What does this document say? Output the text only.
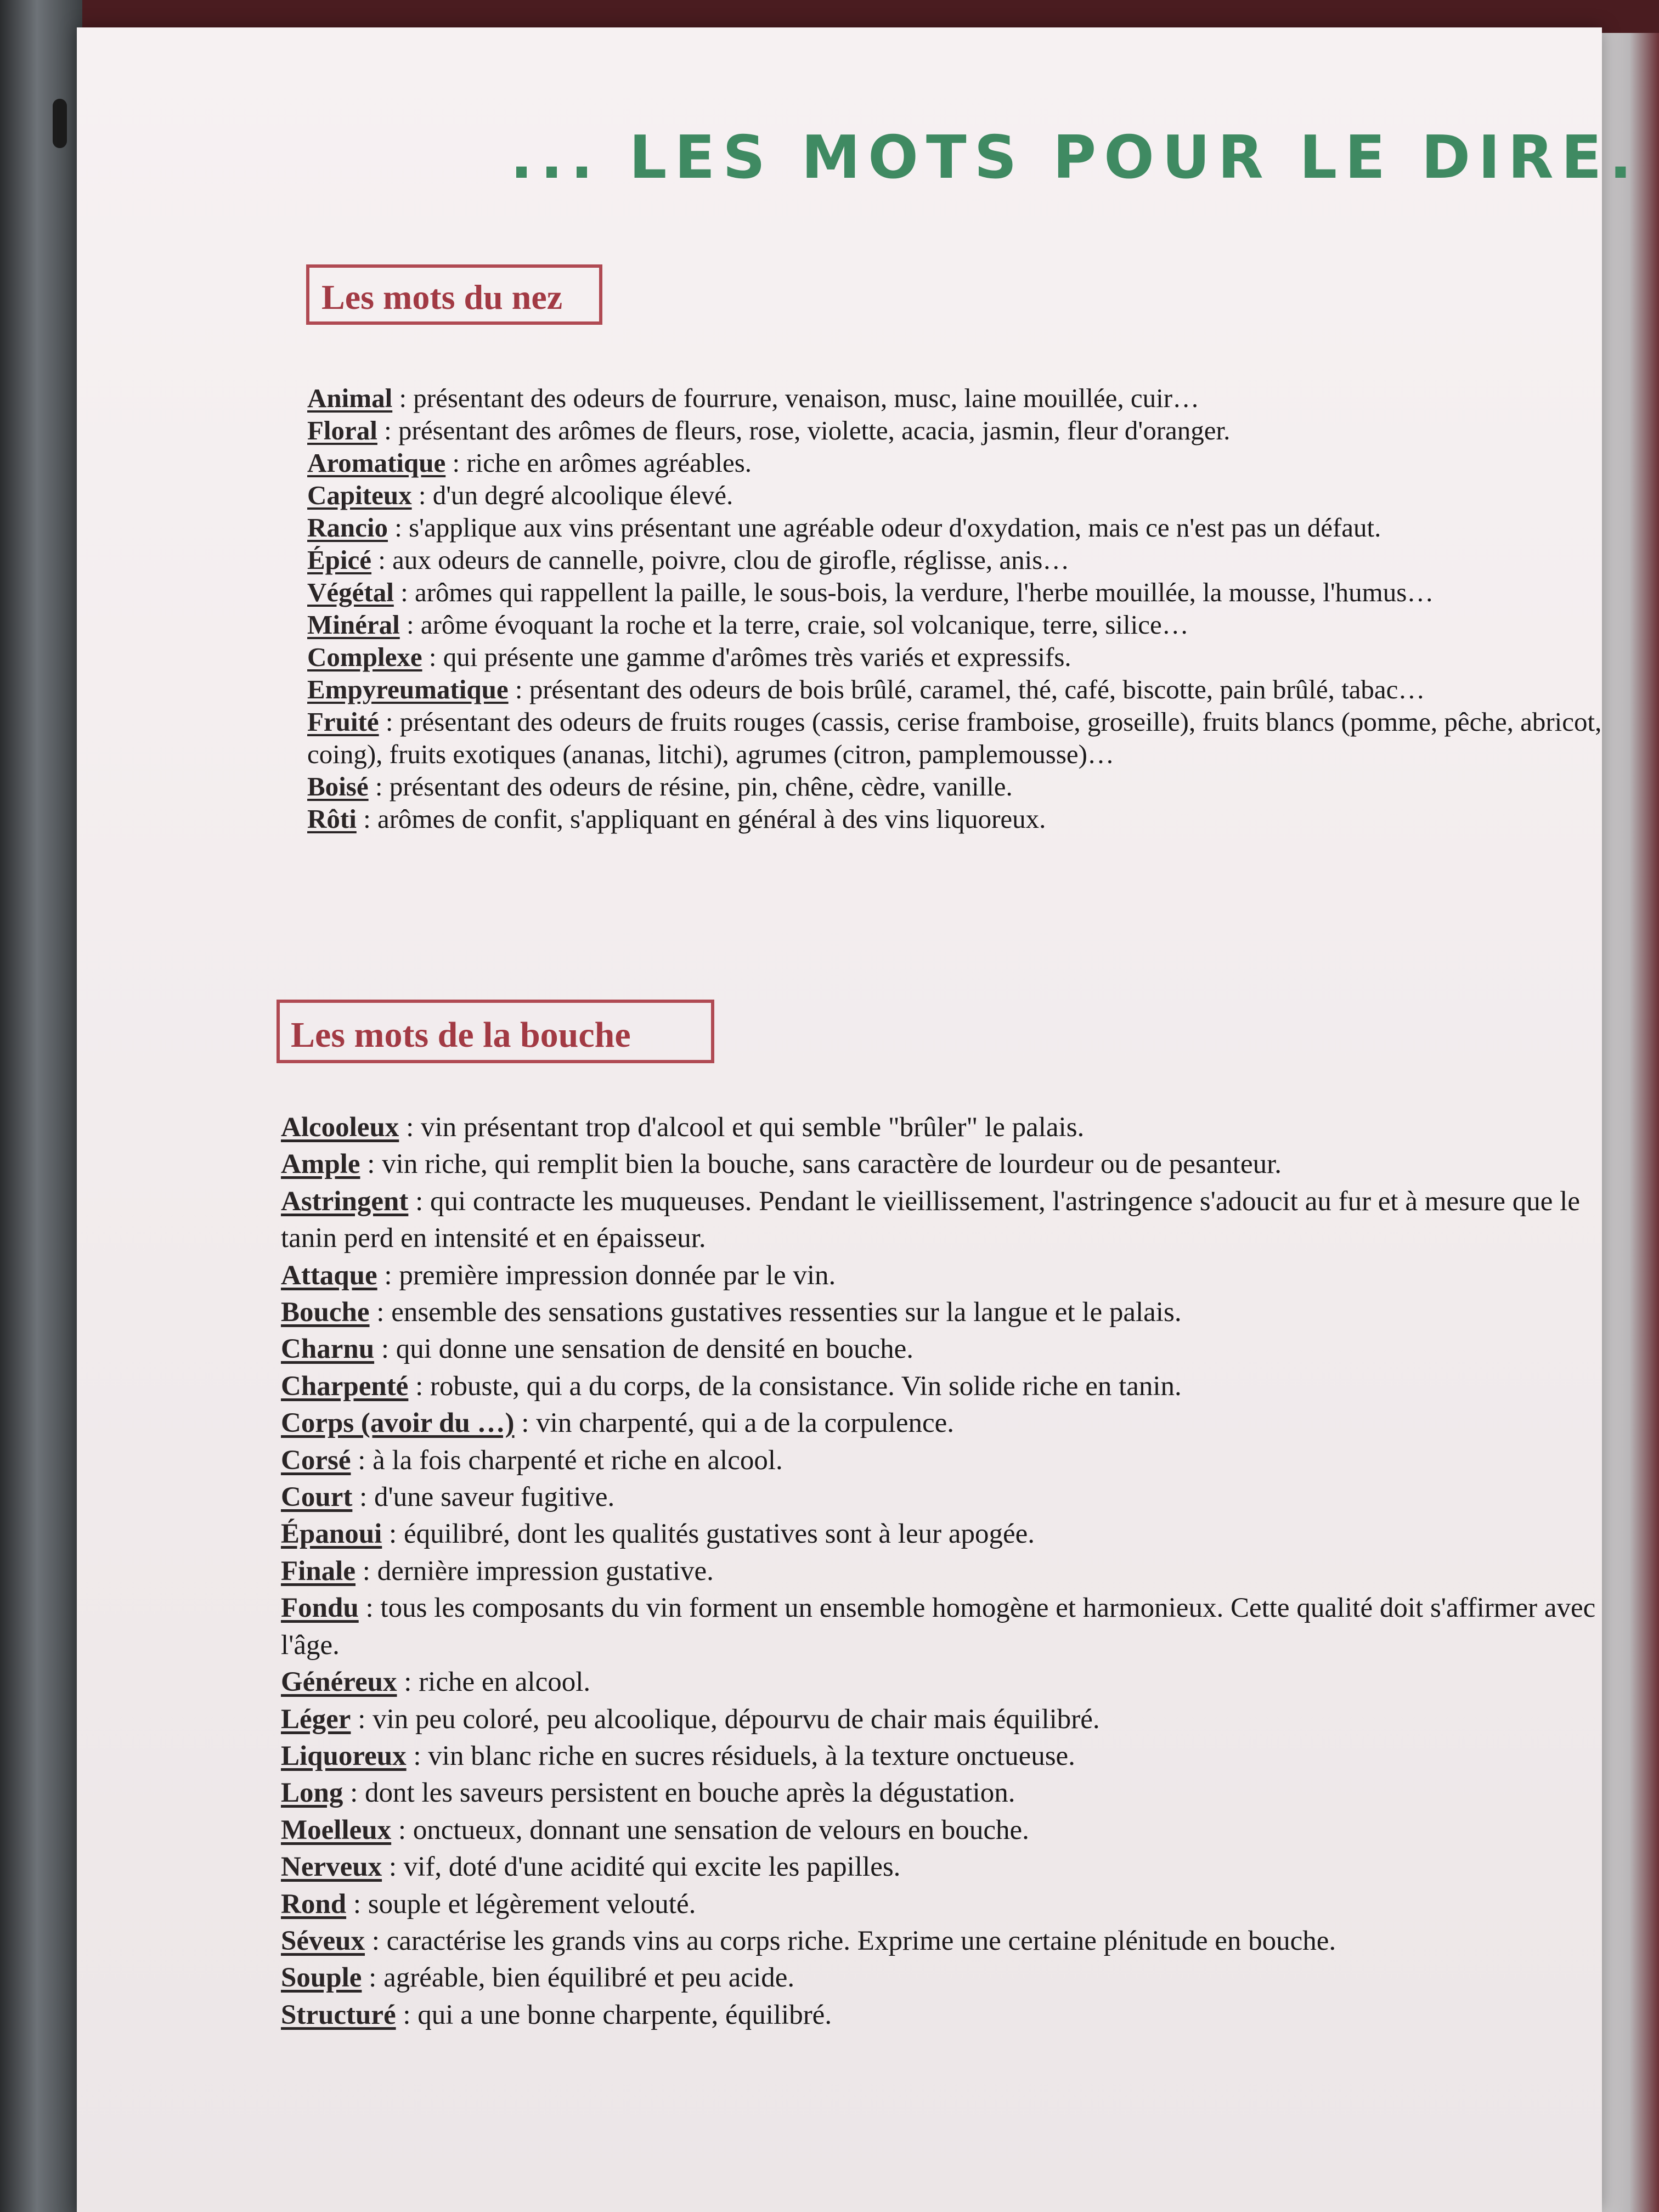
... LES MOTS POUR LE DIRE.
Les mots du nez
Animal : présentant des odeurs de fourrure, venaison, musc, laine mouillée, cuir…
Floral : présentant des arômes de fleurs, rose, violette, acacia, jasmin, fleur d'oranger.
Aromatique : riche en arômes agréables.
Capiteux : d'un degré alcoolique élevé.
Rancio : s'applique aux vins présentant une agréable odeur d'oxydation, mais ce n'est pas un défaut.
Épicé : aux odeurs de cannelle, poivre, clou de girofle, réglisse, anis…
Végétal : arômes qui rappellent la paille, le sous-bois, la verdure, l'herbe mouillée, la mousse, l'humus…
Minéral : arôme évoquant la roche et la terre, craie, sol volcanique, terre, silice…
Complexe : qui présente une gamme d'arômes très variés et expressifs.
Empyreumatique : présentant des odeurs de bois brûlé, caramel, thé, café, biscotte, pain brûlé, tabac…
Fruité : présentant des odeurs de fruits rouges (cassis, cerise framboise, groseille), fruits blancs (pomme, pêche, abricot, coing), fruits exotiques (ananas, litchi), agrumes (citron, pamplemousse)…
Boisé : présentant des odeurs de résine, pin, chêne, cèdre, vanille.
Rôti : arômes de confit, s'appliquant en général à des vins liquoreux.
Les mots de la bouche
Alcooleux : vin présentant trop d'alcool et qui semble "brûler" le palais.
Ample : vin riche, qui remplit bien la bouche, sans caractère de lourdeur ou de pesanteur.
Astringent : qui contracte les muqueuses. Pendant le vieillissement, l'astringence s'adoucit au fur et à mesure que le tanin perd en intensité et en épaisseur.
Attaque : première impression donnée par le vin.
Bouche : ensemble des sensations gustatives ressenties sur la langue et le palais.
Charnu : qui donne une sensation de densité en bouche.
Charpenté : robuste, qui a du corps, de la consistance. Vin solide riche en tanin.
Corps (avoir du …) : vin charpenté, qui a de la corpulence.
Corsé : à la fois charpenté et riche en alcool.
Court : d'une saveur fugitive.
Épanoui : équilibré, dont les qualités gustatives sont à leur apogée.
Finale : dernière impression gustative.
Fondu : tous les composants du vin forment un ensemble homogène et harmonieux. Cette qualité doit s'affirmer avec l'âge.
Généreux : riche en alcool.
Léger : vin peu coloré, peu alcoolique, dépourvu de chair mais équilibré.
Liquoreux : vin blanc riche en sucres résiduels, à la texture onctueuse.
Long : dont les saveurs persistent en bouche après la dégustation.
Moelleux : onctueux, donnant une sensation de velours en bouche.
Nerveux : vif, doté d'une acidité qui excite les papilles.
Rond : souple et légèrement velouté.
Séveux : caractérise les grands vins au corps riche. Exprime une certaine plénitude en bouche.
Souple : agréable, bien équilibré et peu acide.
Structuré : qui a une bonne charpente, équilibré.
